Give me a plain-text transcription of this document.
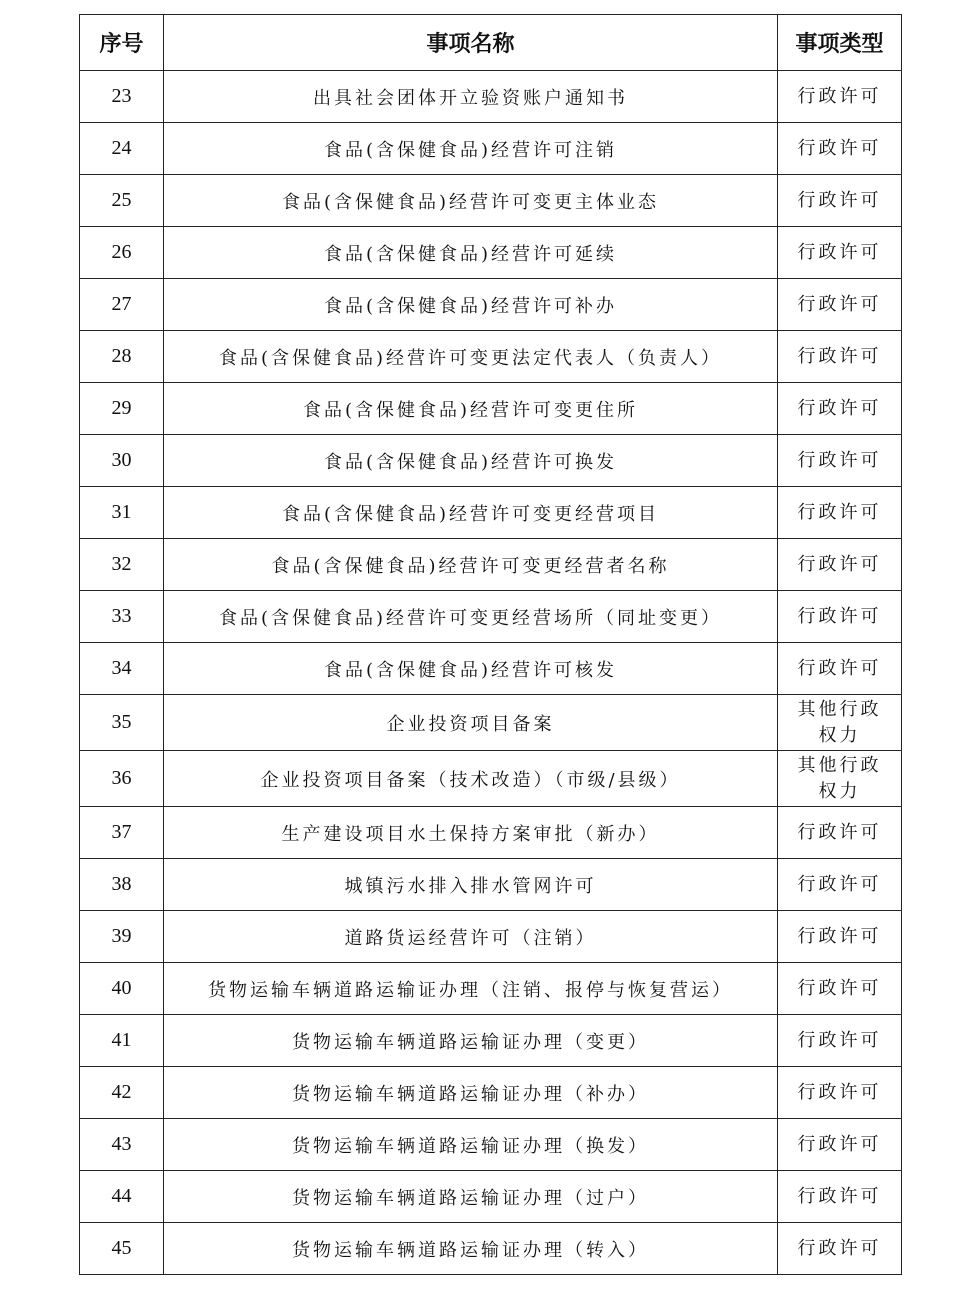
序号	事项名称	事项类型
23	出具社会团体开立验资账户通知书	行政许可

24	食品(含保健食品)经营许可注销	行政许可

25	食品(含保健食品)经营许可变更主体业态	行政许可

26	食品(含保健食品)经营许可延续	行政许可

27	食品(含保健食品)经营许可补办	行政许可

28	食品(含保健食品)经营许可变更法定代表人（负责人）	行政许可

29	食品(含保健食品)经营许可变更住所	行政许可

30	食品(含保健食品)经营许可换发	行政许可

31	食品(含保健食品)经营许可变更经营项目	行政许可

32	食品(含保健食品)经营许可变更经营者名称	行政许可

33	食品(含保健食品)经营许可变更经营场所（同址变更）	行政许可

34	食品(含保健食品)经营许可核发	行政许可

35	企业投资项目备案	其他行政
权力

36	企业投资项目备案（技术改造）（市级/县级）	其他行政
权力

37	生产建设项目水土保持方案审批（新办）	行政许可

38	城镇污水排入排水管网许可	行政许可

39	道路货运经营许可（注销）	行政许可

40	货物运输车辆道路运输证办理（注销、报停与恢复营运）	行政许可

41	货物运输车辆道路运输证办理（变更）	行政许可

42	货物运输车辆道路运输证办理（补办）	行政许可

43	货物运输车辆道路运输证办理（换发）	行政许可

44	货物运输车辆道路运输证办理（过户）	行政许可

45	货物运输车辆道路运输证办理（转入）	行政许可
